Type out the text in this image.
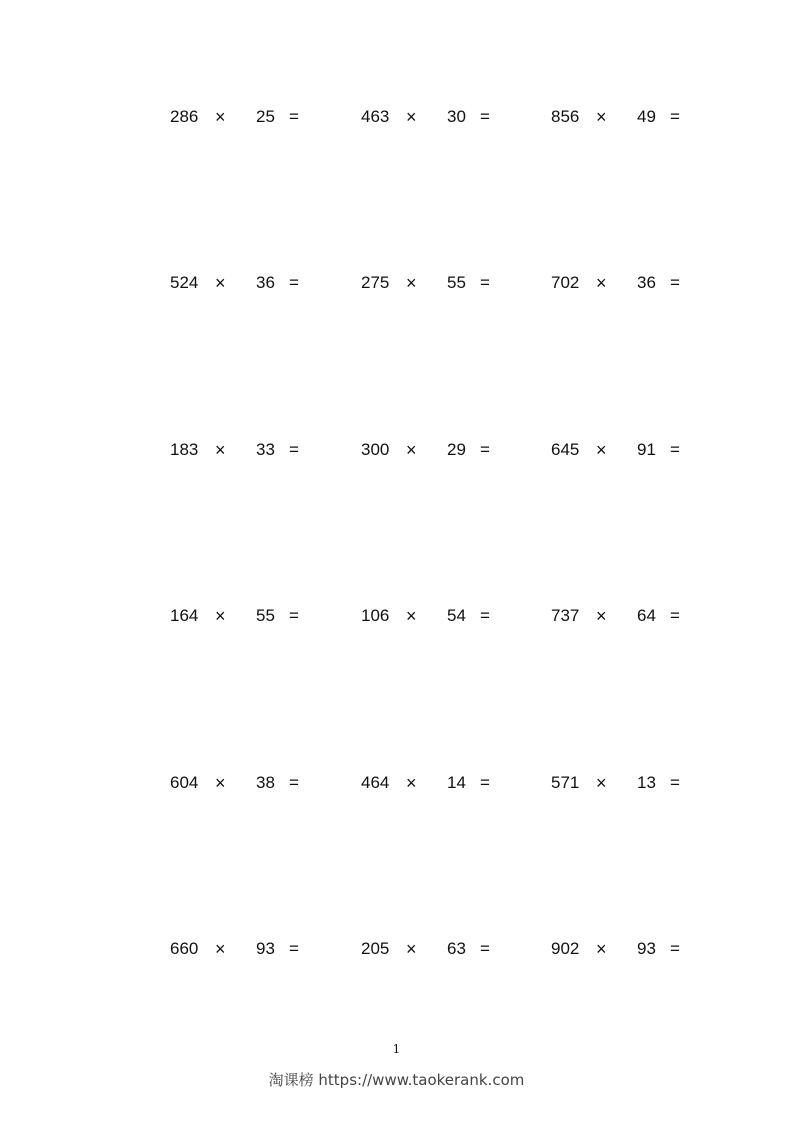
286 × 25 =	463 × 30 =	856 × 49 =
524 × 36 =	275 × 55 =	702 × 36 =
183 × 33 =	300 × 29 =	645 × 91 =
164 × 55 =	106 × 54 =	737 × 64 =
604 × 38 =	464 × 14 =	571 × 13 =
660 × 93 =	205 × 63 =	902 × 93 =
1
淘课榜 https://www.taokerank.com
